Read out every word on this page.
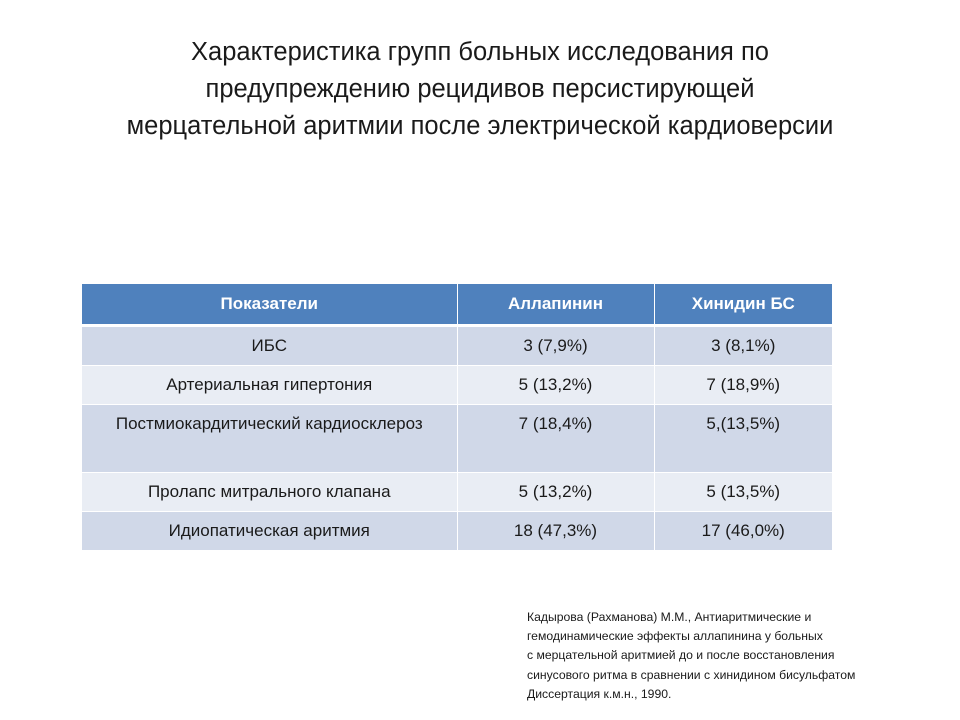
Характеристика групп больных исследования по
предупреждению рецидивов персистирующей
мерцательной аритмии после электрической кардиоверсии
Показатели	Аллапинин	Хинидин БС
ИБС	3 (7,9%)	3 (8,1%)
Артериальная гипертония	5 (13,2%)	7 (18,9%)
Постмиокардитический кардиосклероз	7 (18,4%)	5,(13,5%)
Пролапс митрального клапана	5 (13,2%)	5 (13,5%)
Идиопатическая аритмия	18 (47,3%)	17 (46,0%)
Кадырова (Рахманова) М.М., Антиаритмические и
гемодинамические эффекты аллапинина у больных
с мерцательной аритмией до и после восстановления
синусового ритма в сравнении с хинидином бисульфатом
Диссертация к.м.н., 1990.
